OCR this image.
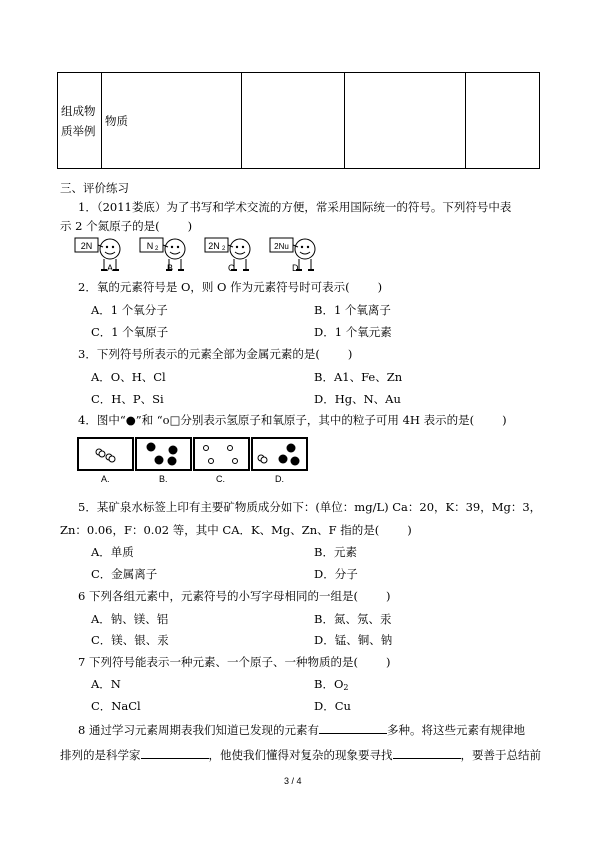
组成物质举例	物质			
三、评价练习
1．（2011娄底）为了书写和学术交流的方便，常采用国际统一的符号。下列符号中表
示 2 个氮原子的是( )
2N	N 2	2N 2	2Nu
A	B	C	D
2．氧的元素符号是 O，则 O 作为元素符号时可表示( )
A．1 个氧分子	B．1 个氧离子
C．1 个氧原子	D．1 个氧元素
3．下列符号所表示的元素全部为金属元素的是( )
A．O、H、Cl	B．A1、Fe、Zn
C．H、P、Si	D．Hg、N、Au
4．图中“●”和 “o□分别表示氢原子和氧原子，其中的粒子可用 4H 表示的是( )
A.	B.	C.	D.
5．某矿泉水标签上印有主要矿物质成分如下：(单位：mg/L) Ca：20，K：39，Mg：3，
Zn：0.06，F：0.02 等，其中 CA．K、Mg、Zn、F 指的是( )
A．单质	B．元素
C．金属离子	D．分子
6 下列各组元素中，元素符号的小写字母相同的一组是( )
A．钠、镁、铝	B．氮、氖、汞
C．镁、银、汞	D．锰、铜、钠
7 下列符号能表示一种元素、一个原子、一种物质的是( )
A．N	B．$O_2$
C．NaCl	D．Cu
8 通过学习元素周期表我们知道已发现的元素有	多种。将这些元素有规律地
排列的是科学家	，他使我们懂得对复杂的现象要寻找	，要善于总结前
3 / 4
